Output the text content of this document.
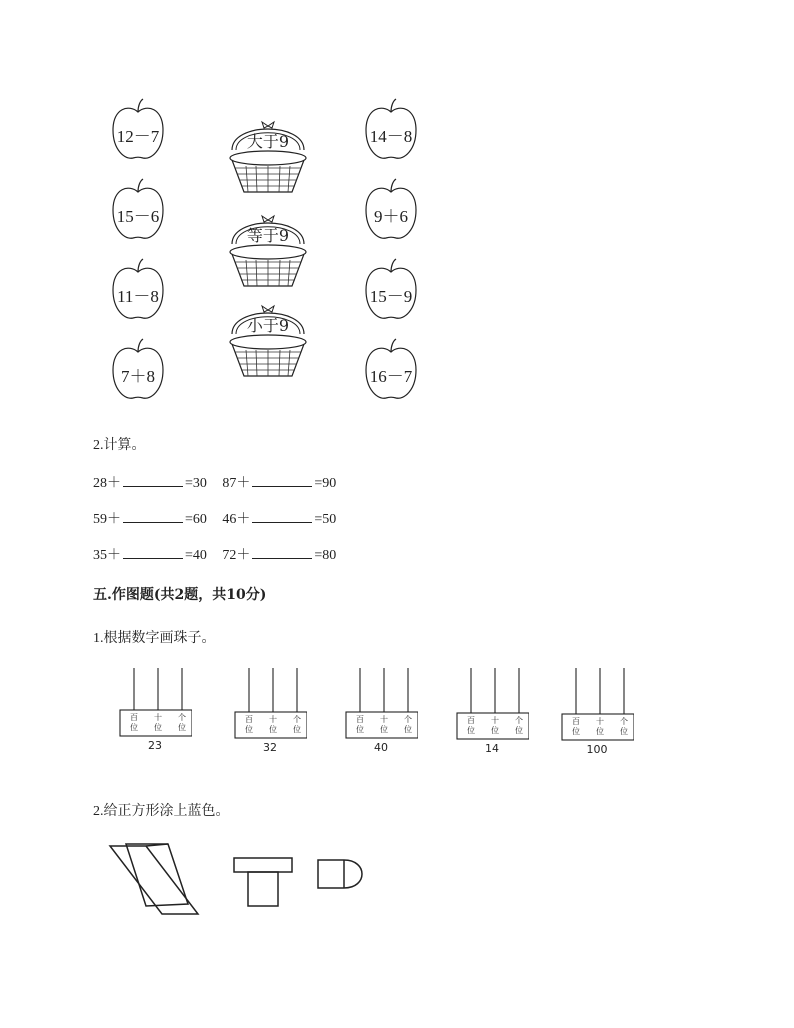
12－7
15－6
11－8
7＋8
大于9
等于9
小于9
14－8
9＋6
15－9
16－7
2.计算。
28＋	=30 87＋	=90
59＋	=60 46＋	=50
35＋	=40 72＋	=80
五.作图题(共2题，共10分)
1.根据数字画珠子。
百
位
十
位
个
位
23
百
位
十
位
个
位
32
百
位
十
位
个
位
40
百
位
十
位
个
位
14
百
位
十
位
个
位
100
2.给正方形涂上蓝色。
